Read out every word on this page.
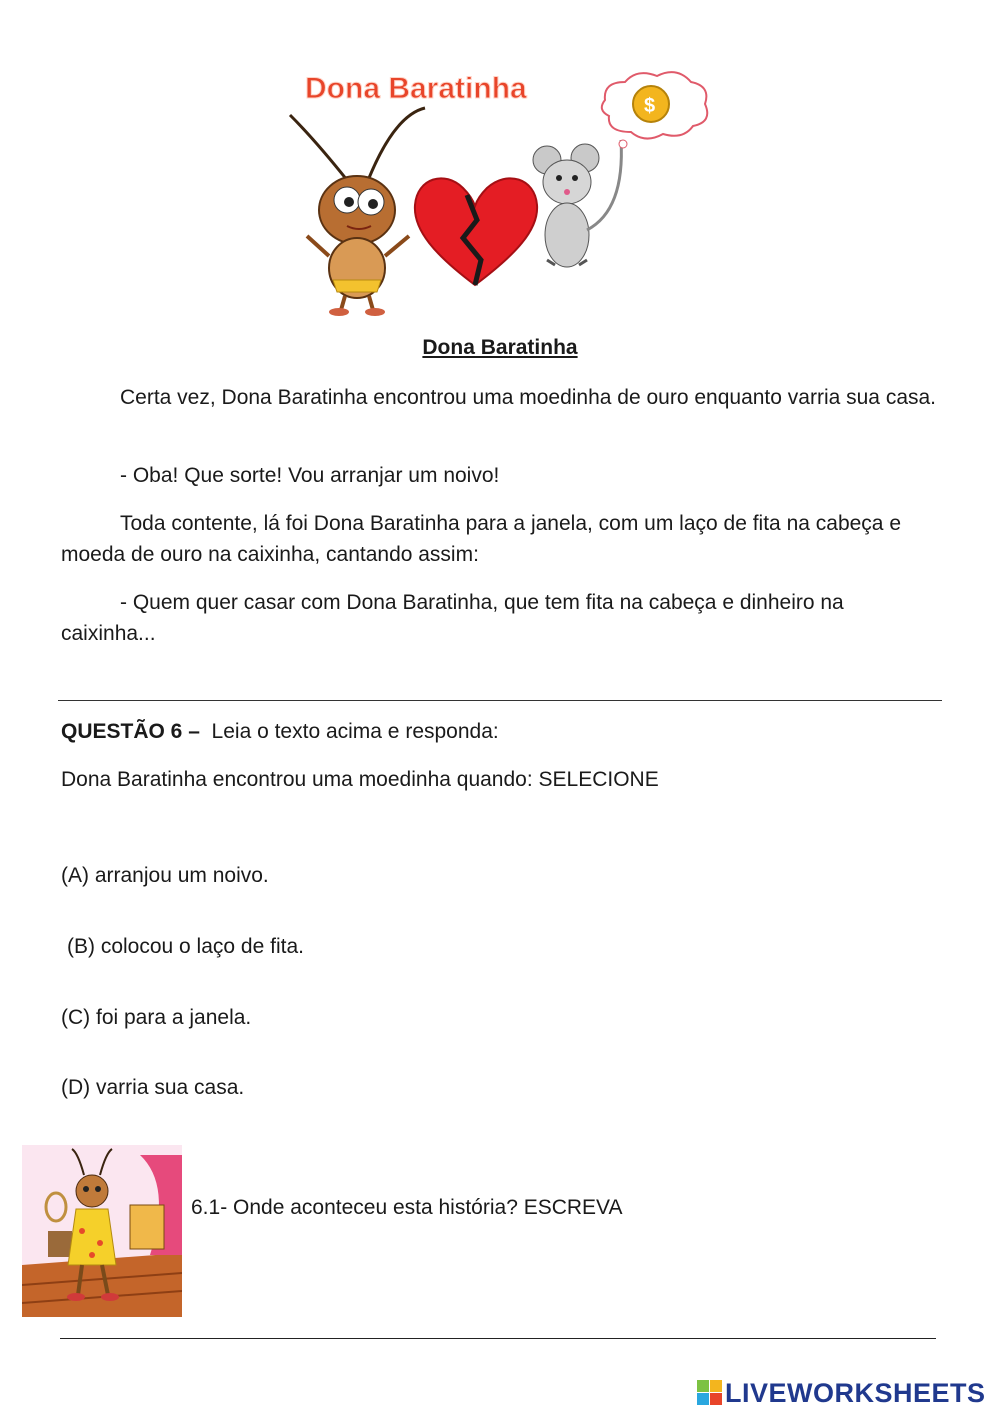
Dona Baratinha
$
Dona Baratinha
Certa vez, Dona Baratinha encontrou uma moedinha de ouro enquanto varria sua casa.
- Oba! Que sorte! Vou arranjar um noivo!
Toda contente, lá foi Dona Baratinha para a janela, com um laço de fita na cabeça e moeda de ouro na caixinha, cantando assim:
- Quem quer casar com Dona Baratinha, que tem fita na cabeça e dinheiro na caixinha...
QUESTÃO 6 – Leia o texto acima e responda:
Dona Baratinha encontrou uma moedinha quando: SELECIONE
(A) arranjou um noivo.
(B) colocou o laço de fita.
(C) foi para a janela.
(D) varria sua casa.
6.1- Onde aconteceu esta história? ESCREVA
LIVEWORKSHEETS
